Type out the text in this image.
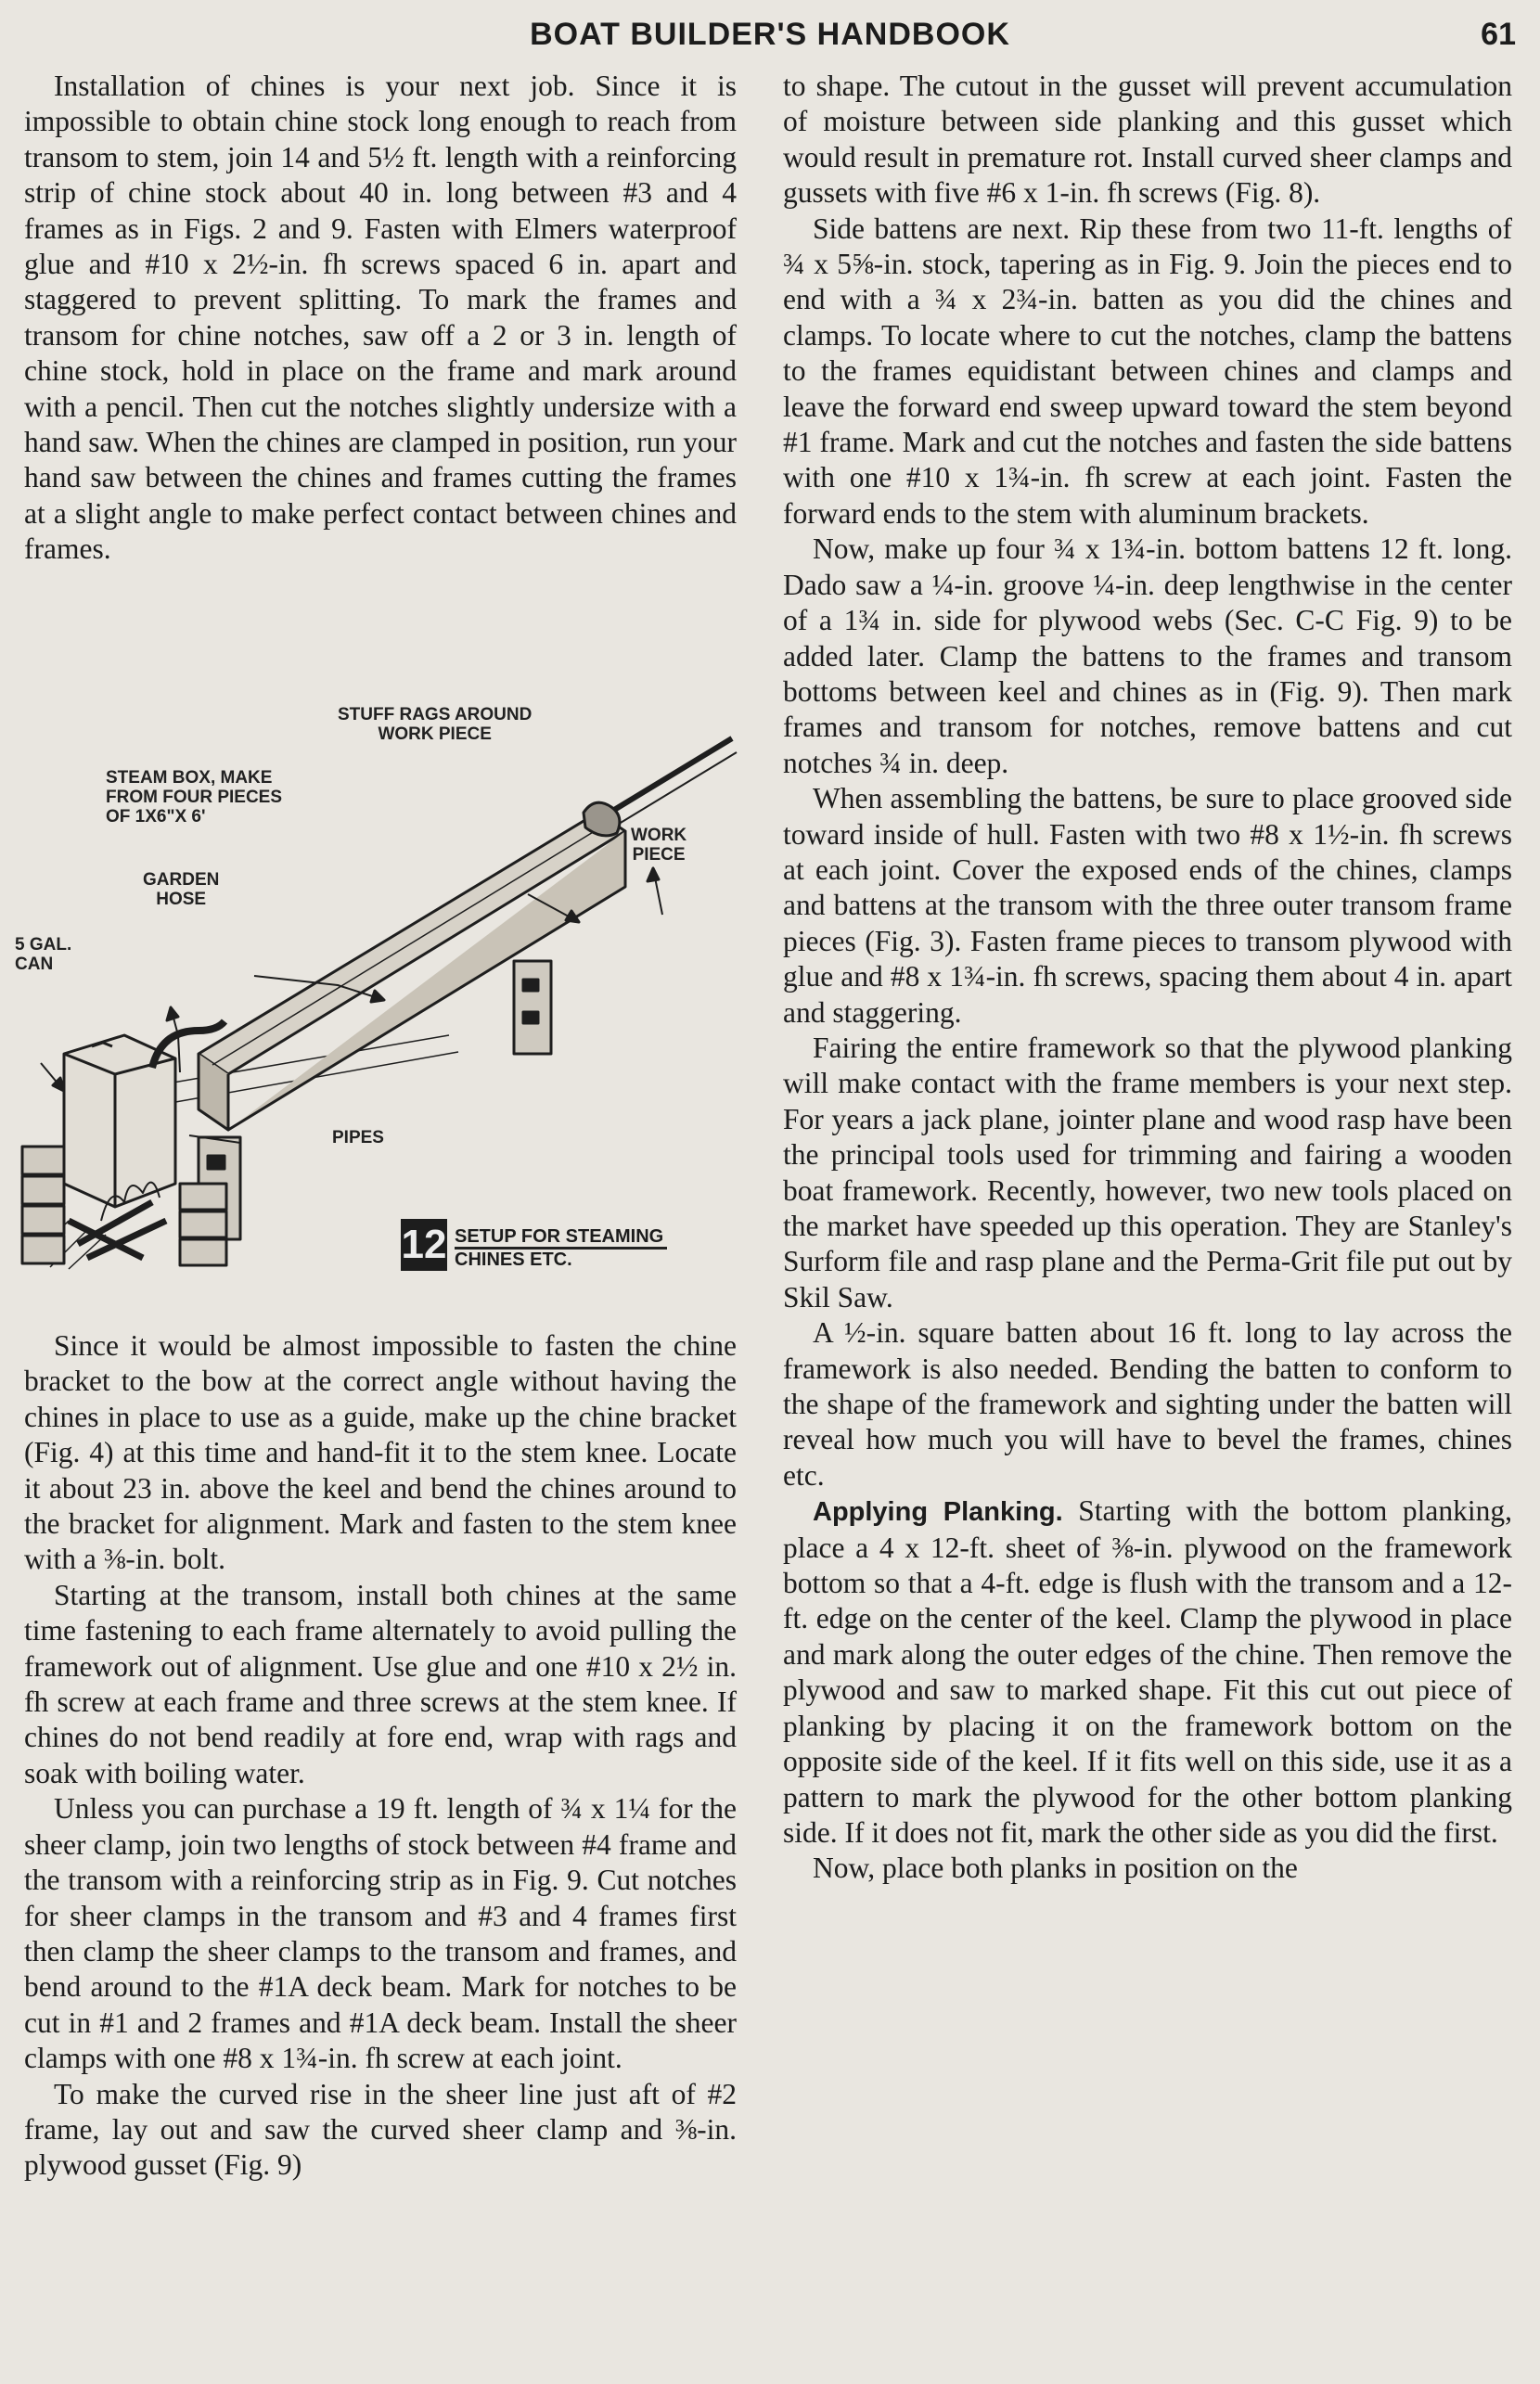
BOAT BUILDER'S HANDBOOK	61

Installation of chines is your next job. Since it is impossible to obtain chine stock long enough to reach from transom to stem, join 14 and 5½ ft. length with a reinforcing strip of chine stock about 40 in. long between #3 and 4 frames as in Figs. 2 and 9. Fasten with Elmers waterproof glue and #10 x 2½-in. fh screws spaced 6 in. apart and staggered to prevent splitting. To mark the frames and transom for chine notches, saw off a 2 or 3 in. length of chine stock, hold in place on the frame and mark around with a pencil. Then cut the notches slightly undersize with a hand saw. When the chines are clamped in position, run your hand saw between the chines and frames cutting the frames at a slight angle to make perfect contact between chines and frames.

STUFF RAGS AROUND
WORK PIECE
STEAM BOX, MAKE
FROM FOUR PIECES
OF 1X6"X 6'
WORK
PIECE
GARDEN
HOSE
5 GAL.
CAN
PIPES
12 SETUP FOR STEAMING
CHINES ETC.

Since it would be almost impossible to fasten the chine bracket to the bow at the correct angle without having the chines in place to use as a guide, make up the chine bracket (Fig. 4) at this time and hand-fit it to the stem knee. Locate it about 23 in. above the keel and bend the chines around to the bracket for alignment. Mark and fasten to the stem knee with a ⅜-in. bolt.

Starting at the transom, install both chines at the same time fastening to each frame alternately to avoid pulling the framework out of alignment. Use glue and one #10 x 2½ in. fh screw at each frame and three screws at the stem knee. If chines do not bend readily at fore end, wrap with rags and soak with boiling water.

Unless you can purchase a 19 ft. length of ¾ x 1¼ for the sheer clamp, join two lengths of stock between #4 frame and the transom with a reinforcing strip as in Fig. 9. Cut notches for sheer clamps in the transom and #3 and 4 frames first then clamp the sheer clamps to the transom and frames, and bend around to the #1A deck beam. Mark for notches to be cut in #1 and 2 frames and #1A deck beam. Install the sheer clamps with one #8 x 1¾-in. fh screw at each joint.

To make the curved rise in the sheer line just aft of #2 frame, lay out and saw the curved sheer clamp and ⅜-in. plywood gusset (Fig. 9)

to shape. The cutout in the gusset will prevent accumulation of moisture between side planking and this gusset which would result in premature rot. Install curved sheer clamps and gussets with five #6 x 1-in. fh screws (Fig. 8).

Side battens are next. Rip these from two 11-ft. lengths of ¾ x 5⅝-in. stock, tapering as in Fig. 9. Join the pieces end to end with a ¾ x 2¾-in. batten as you did the chines and clamps. To locate where to cut the notches, clamp the battens to the frames equidistant between chines and clamps and leave the forward end sweep upward toward the stem beyond #1 frame. Mark and cut the notches and fasten the side battens with one #10 x 1¾-in. fh screw at each joint. Fasten the forward ends to the stem with aluminum brackets.

Now, make up four ¾ x 1¾-in. bottom battens 12 ft. long. Dado saw a ¼-in. groove ¼-in. deep lengthwise in the center of a 1¾ in. side for plywood webs (Sec. C-C Fig. 9) to be added later. Clamp the battens to the frames and transom bottoms between keel and chines as in (Fig. 9). Then mark frames and transom for notches, remove battens and cut notches ¾ in. deep.

When assembling the battens, be sure to place grooved side toward inside of hull. Fasten with two #8 x 1½-in. fh screws at each joint. Cover the exposed ends of the chines, clamps and battens at the transom with the three outer transom frame pieces (Fig. 3). Fasten frame pieces to transom plywood with glue and #8 x 1¾-in. fh screws, spacing them about 4 in. apart and staggering.

Fairing the entire framework so that the plywood planking will make contact with the frame members is your next step. For years a jack plane, jointer plane and wood rasp have been the principal tools used for trimming and fairing a wooden boat framework. Recently, however, two new tools placed on the market have speeded up this operation. They are Stanley's Surform file and rasp plane and the Perma-Grit file put out by Skil Saw.

A ½-in. square batten about 16 ft. long to lay across the framework is also needed. Bending the batten to conform to the shape of the framework and sighting under the batten will reveal how much you will have to bevel the frames, chines etc.

Applying Planking. Starting with the bottom planking, place a 4 x 12-ft. sheet of ⅜-in. plywood on the framework bottom so that a 4-ft. edge is flush with the transom and a 12-ft. edge on the center of the keel. Clamp the plywood in place and mark along the outer edges of the chine. Then remove the plywood and saw to marked shape. Fit this cut out piece of planking by placing it on the framework bottom on the opposite side of the keel. If it fits well on this side, use it as a pattern to mark the plywood for the other bottom planking side. If it does not fit, mark the other side as you did the first.

Now, place both planks in position on the
